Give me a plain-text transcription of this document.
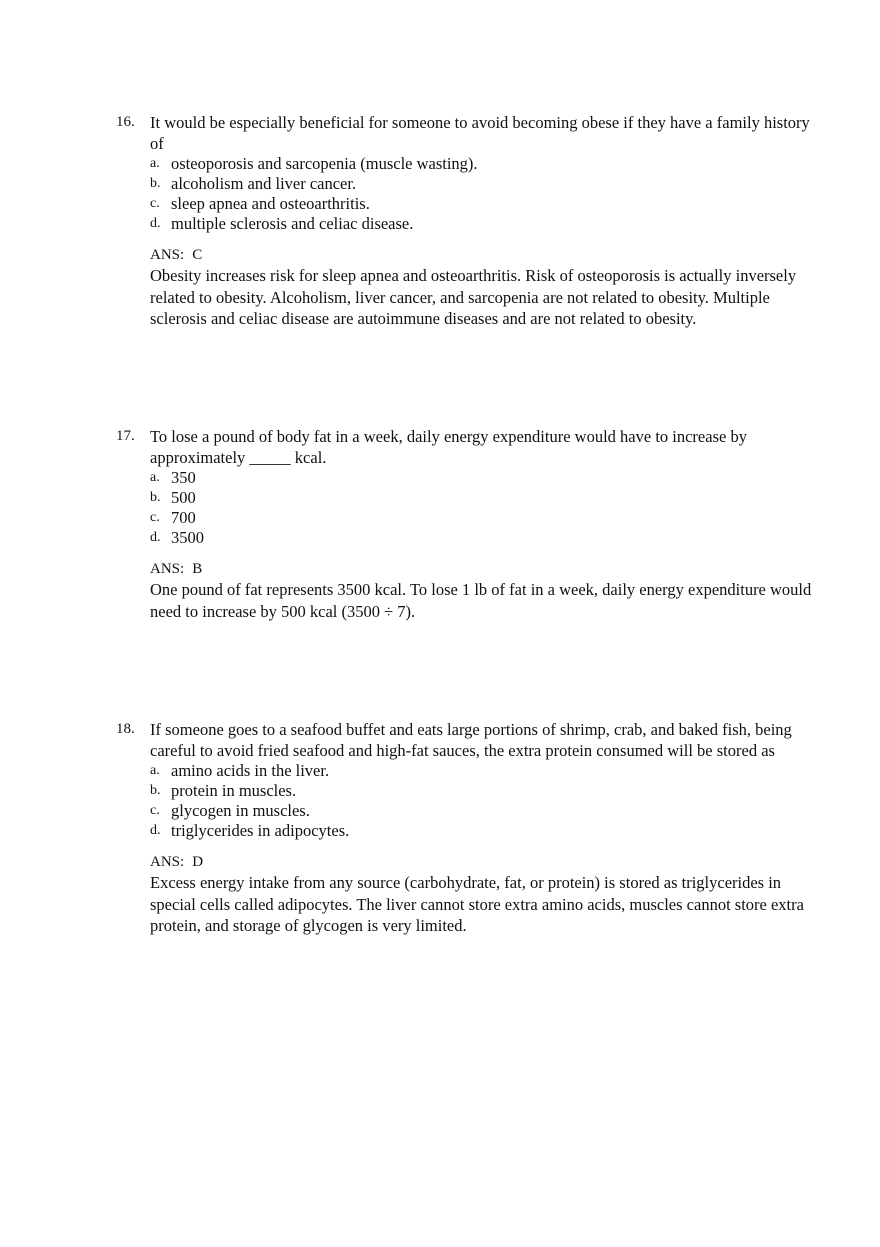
16. It would be especially beneficial for someone to avoid becoming obese if they have a family history of
a. osteoporosis and sarcopenia (muscle wasting).
b. alcoholism and liver cancer.
c. sleep apnea and osteoarthritis.
d. multiple sclerosis and celiac disease.
ANS: C
Obesity increases risk for sleep apnea and osteoarthritis. Risk of osteoporosis is actually inversely related to obesity. Alcoholism, liver cancer, and sarcopenia are not related to obesity. Multiple sclerosis and celiac disease are autoimmune diseases and are not related to obesity.
17. To lose a pound of body fat in a week, daily energy expenditure would have to increase by approximately _____ kcal.
a. 350
b. 500
c. 700
d. 3500
ANS: B
One pound of fat represents 3500 kcal. To lose 1 lb of fat in a week, daily energy expenditure would need to increase by 500 kcal (3500 ÷ 7).
18. If someone goes to a seafood buffet and eats large portions of shrimp, crab, and baked fish, being careful to avoid fried seafood and high-fat sauces, the extra protein consumed will be stored as
a. amino acids in the liver.
b. protein in muscles.
c. glycogen in muscles.
d. triglycerides in adipocytes.
ANS: D
Excess energy intake from any source (carbohydrate, fat, or protein) is stored as triglycerides in special cells called adipocytes. The liver cannot store extra amino acids, muscles cannot store extra protein, and storage of glycogen is very limited.
